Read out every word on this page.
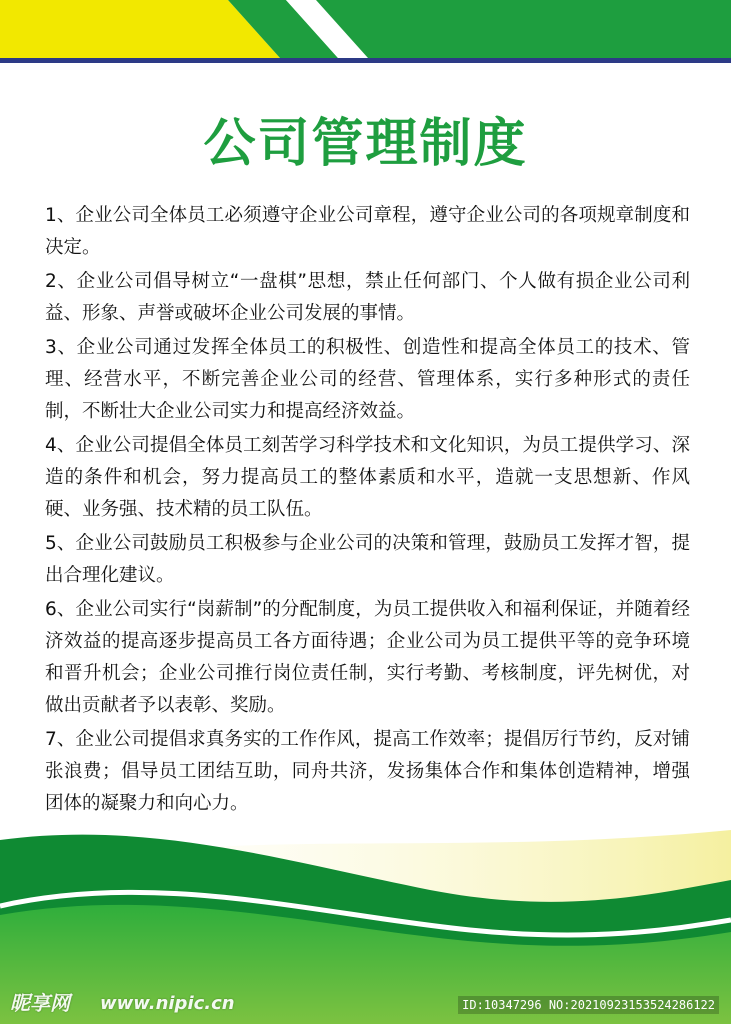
公司管理制度
1、企业公司全体员工必须遵守企业公司章程，遵守企业公司的各项规章制度和决定。
2、企业公司倡导树立“一盘棋”思想，禁止任何部门、个人做有损企业公司利益、形象、声誉或破坏企业公司发展的事情。
3、企业公司通过发挥全体员工的积极性、创造性和提高全体员工的技术、管理、经营水平，不断完善企业公司的经营、管理体系，实行多种形式的责任制，不断壮大企业公司实力和提高经济效益。
4、企业公司提倡全体员工刻苦学习科学技术和文化知识，为员工提供学习、深造的条件和机会，努力提高员工的整体素质和水平，造就一支思想新、作风硬、业务强、技术精的员工队伍。
5、企业公司鼓励员工积极参与企业公司的决策和管理，鼓励员工发挥才智，提出合理化建议。
6、企业公司实行“岗薪制”的分配制度，为员工提供收入和福利保证，并随着经济效益的提高逐步提高员工各方面待遇；企业公司为员工提供平等的竞争环境和晋升机会；企业公司推行岗位责任制，实行考勤、考核制度，评先树优，对做出贡献者予以表彰、奖励。
7、企业公司提倡求真务实的工作作风，提高工作效率；提倡厉行节约，反对铺张浪费；倡导员工团结互助，同舟共济，发扬集体合作和集体创造精神，增强团体的凝聚力和向心力。
昵享网 www.nipic.cn	ID:10347296 NO:20210923153524286122
